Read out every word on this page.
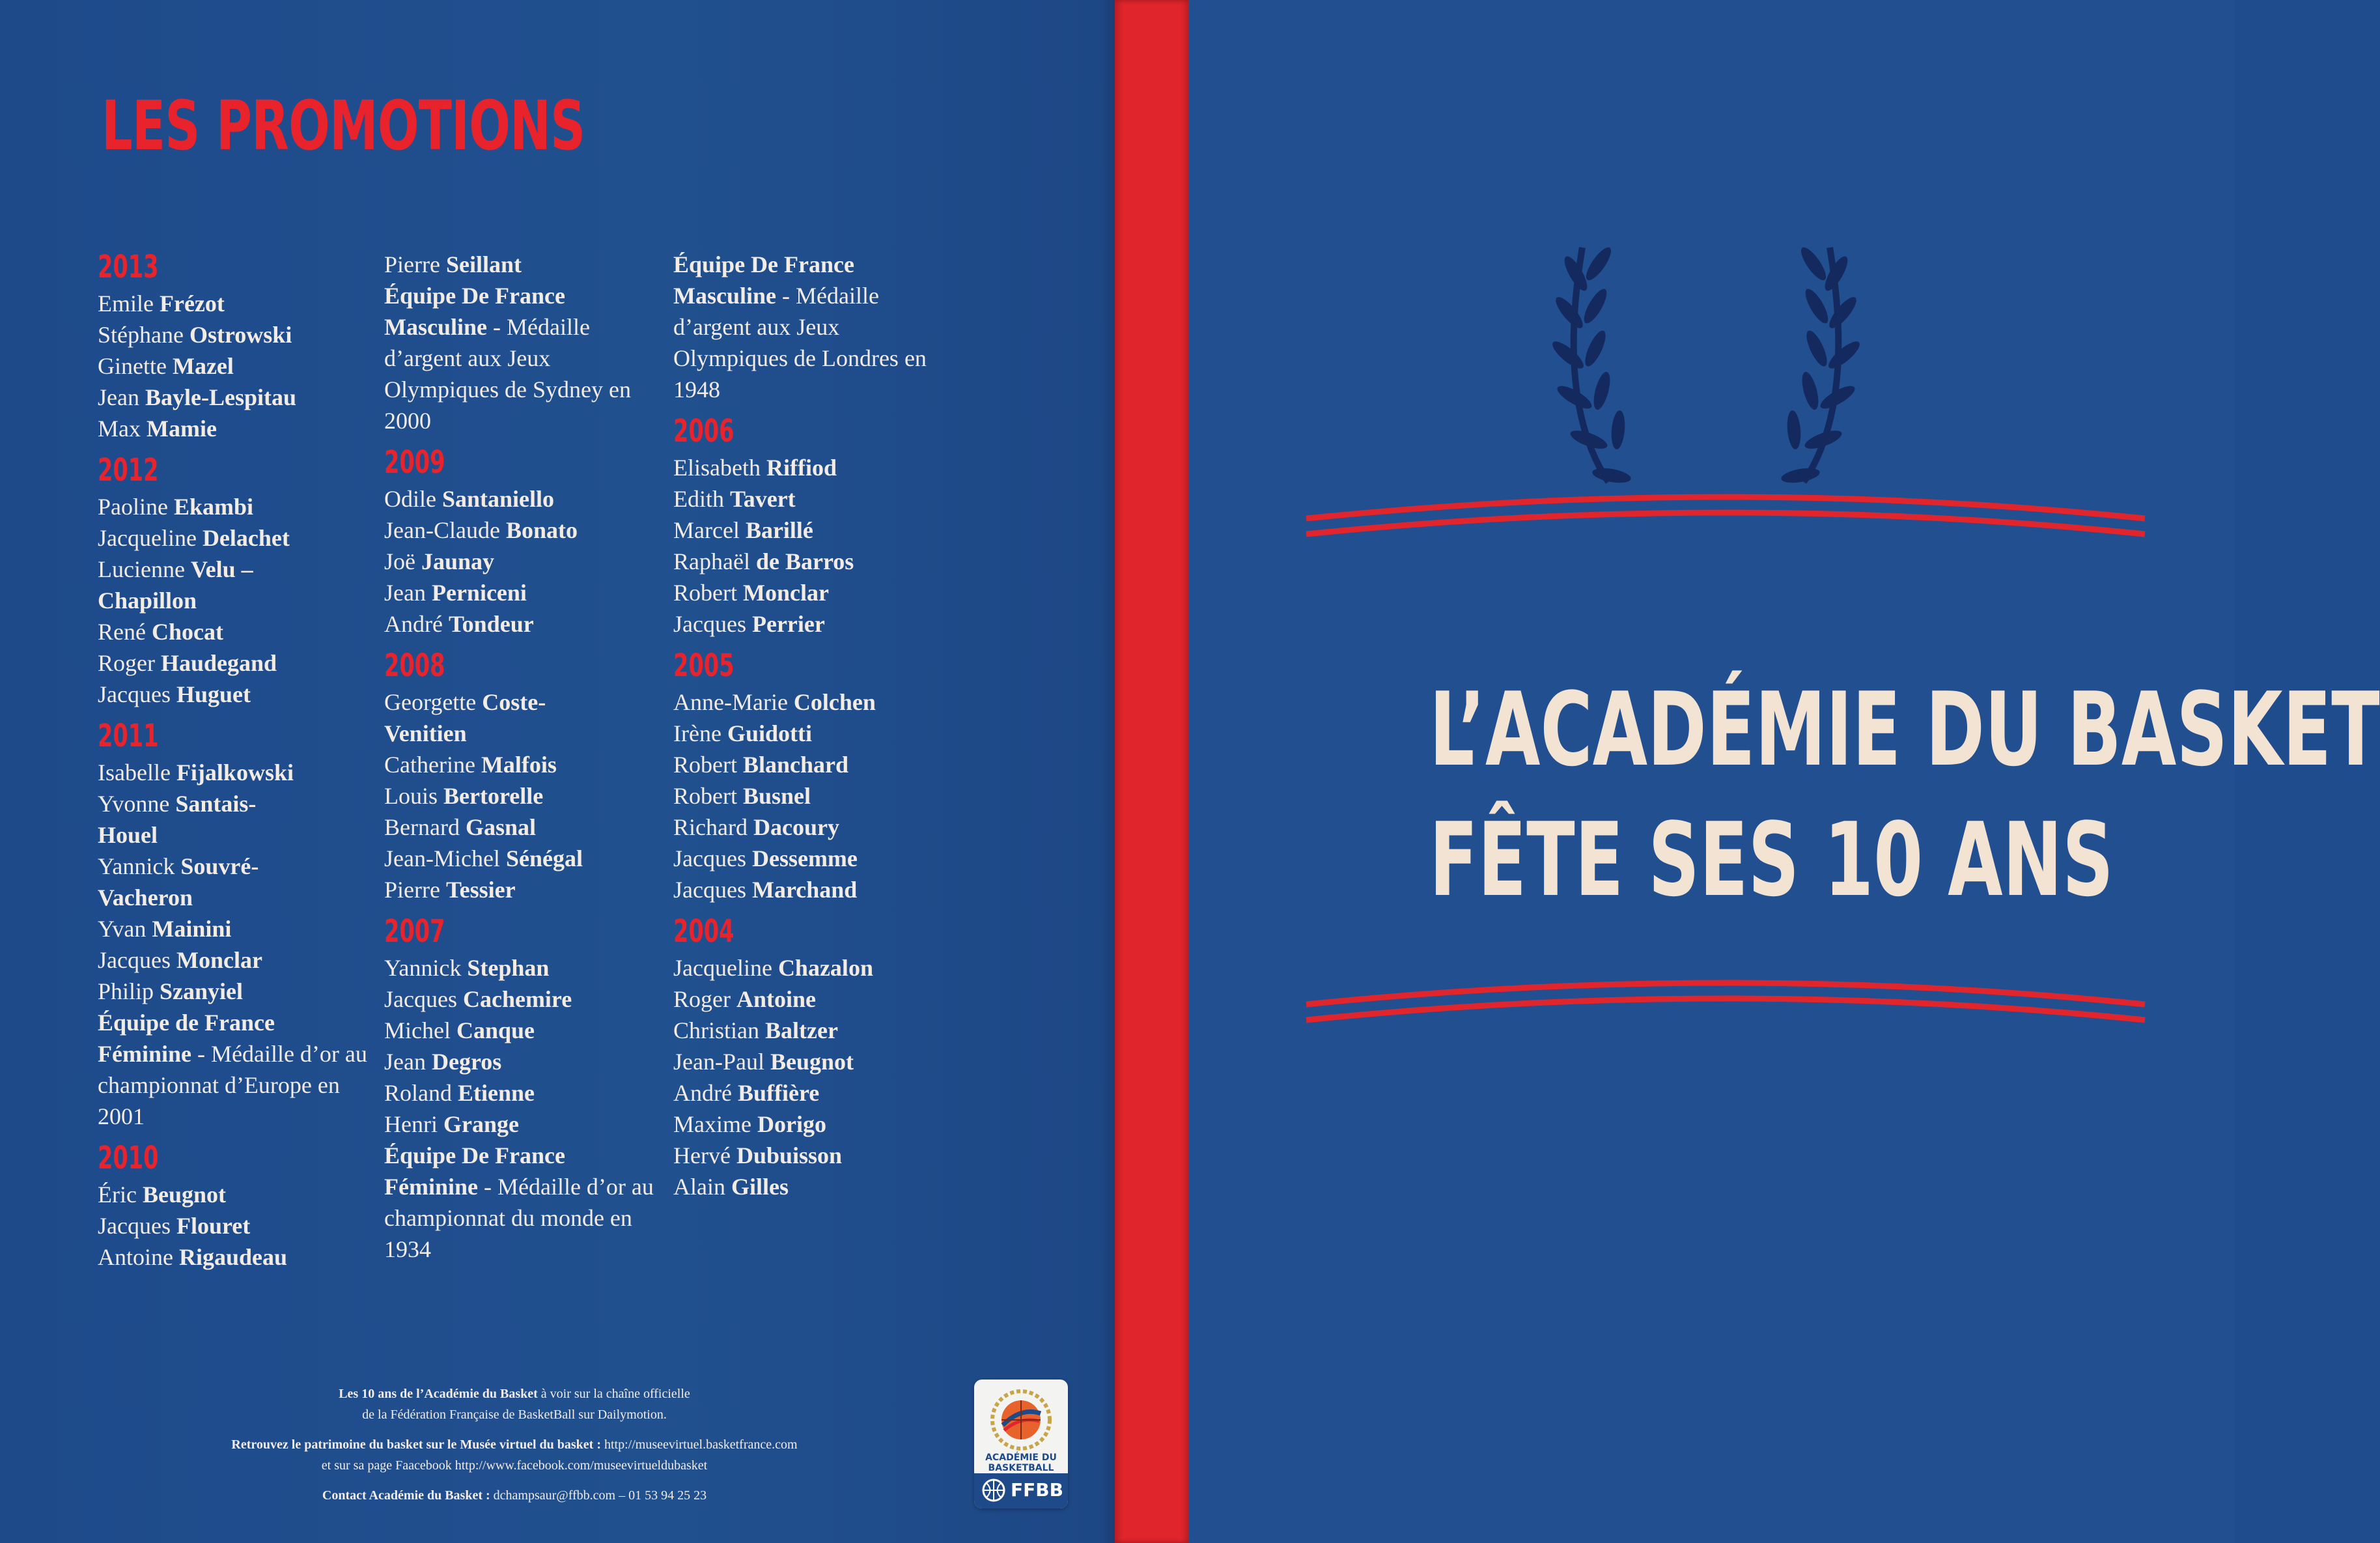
LES PROMOTIONS
2013
Emile Frézot
Stéphane Ostrowski
Ginette Mazel
Jean Bayle-Lespitau
Max Mamie
2012
Paoline Ekambi
Jacqueline Delachet
Lucienne Velu –
Chapillon
René Chocat
Roger Haudegand
Jacques Huguet
2011
Isabelle Fijalkowski
Yvonne Santais-
Houel
Yannick Souvré-
Vacheron
Yvan Mainini
Jacques Monclar
Philip Szanyiel
Équipe de France Féminine - Médaille d’or au championnat d’Europe en 2001
2010
Éric Beugnot
Jacques Flouret
Antoine Rigaudeau
Pierre Seillant
Équipe De France Masculine - Médaille d’argent aux Jeux Olympiques de Sydney en 2000
2009
Odile Santaniello
Jean-Claude Bonato
Joë Jaunay
Jean Perniceni
André Tondeur
2008
Georgette Coste-
Venitien
Catherine Malfois
Louis Bertorelle
Bernard Gasnal
Jean-Michel Sénégal
Pierre Tessier
2007
Yannick Stephan
Jacques Cachemire
Michel Canque
Jean Degros
Roland Etienne
Henri Grange
Équipe De France Féminine - Médaille d’or au championnat du monde en 1934
Équipe De France Masculine - Médaille d’argent aux Jeux Olympiques de Londres en 1948
2006
Elisabeth Riffiod
Edith Tavert
Marcel Barillé
Raphaël de Barros
Robert Monclar
Jacques Perrier
2005
Anne-Marie Colchen
Irène Guidotti
Robert Blanchard
Robert Busnel
Richard Dacoury
Jacques Dessemme
Jacques Marchand
2004
Jacqueline Chazalon
Roger Antoine
Christian Baltzer
Jean-Paul Beugnot
André Buffière
Maxime Dorigo
Hervé Dubuisson
Alain Gilles

Les 10 ans de l’Académie du Basket à voir sur la chaîne officielle

de la Fédération Française de BasketBall sur Dailymotion.

Retrouvez le patrimoine du basket sur le Musée virtuel du basket : http://museevirtuel.basketfrance.com

et sur sa page Faacebook http://www.facebook.com/museevirtueldubasket

Contact Académie du Basket : dchampsaur@ffbb.com – 01 53 94 25 23

ACADÉMIE DU BASKETBALL
FFBB
L’ACADÉMIE DU BASKET
FÊTE SES 10 ANS
